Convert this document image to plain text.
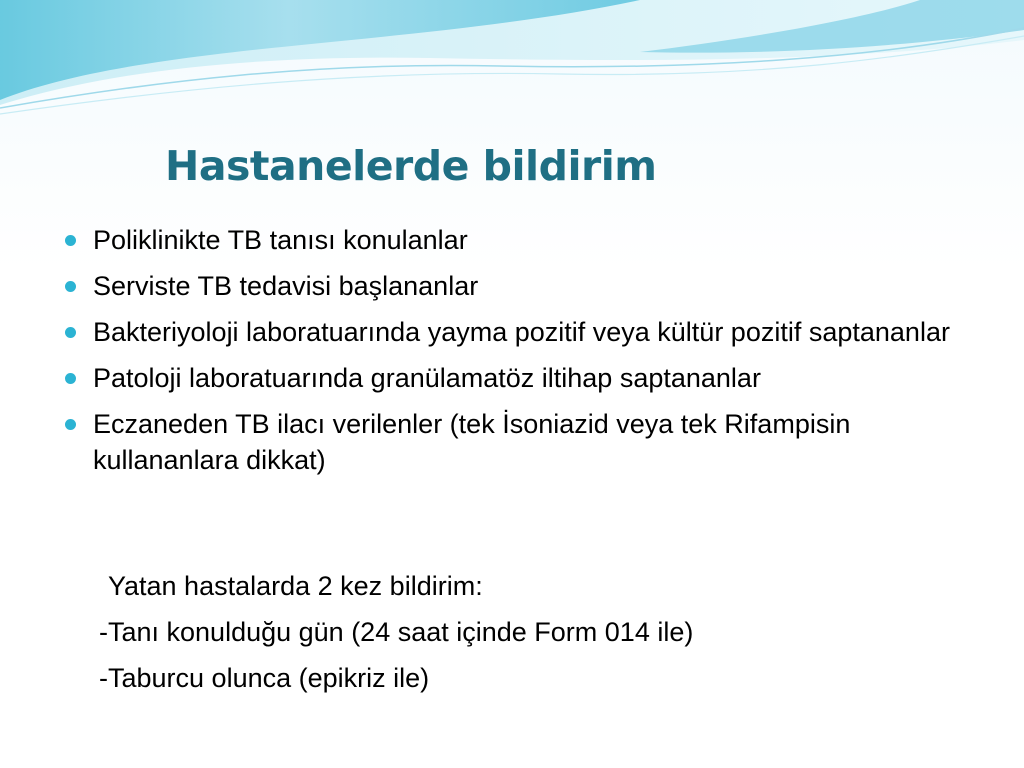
Hastanelerde bildirim
Poliklinikte TB tanısı konulanlar
Serviste TB tedavisi başlananlar
Bakteriyoloji laboratuarında yayma pozitif veya kültür pozitif saptananlar
Patoloji laboratuarında granülamatöz iltihap saptananlar
Eczaneden TB ilacı verilenler (tek İsoniazid veya tek Rifampisin kullananlara dikkat)
Yatan hastalarda 2 kez bildirim:
-Tanı konulduğu gün (24 saat içinde Form 014 ile)
-Taburcu olunca (epikriz ile)
